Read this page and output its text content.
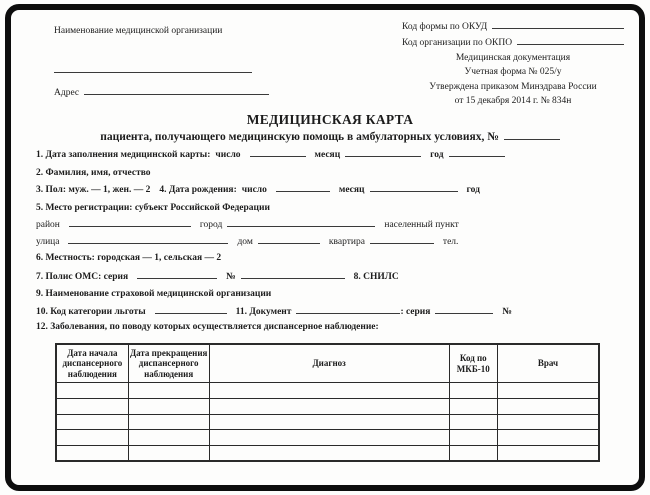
Наименование медицинской организации
Адрес
Код формы по ОКУД
Код организации по ОКПО
Медицинская документация
Учетная форма № 025/у
Утверждена приказом Минздрава России
от 15 декабря 2014 г. № 834н
МЕДИЦИНСКАЯ КАРТА
пациента, получающего медицинскую помощь в амбулаторных условиях, №
1. Дата заполнения медицинской карты: число	месяц	год
2. Фамилия, имя, отчество
3. Пол: муж. — 1, жен. — 2 4. Дата рождения: число	месяц	год
5. Место регистрации: субъект Российской Федерации
район	город	населенный пункт
улица	дом	квартира	тел.
6. Местность: городская — 1, сельская — 2
7. Полис ОМС: серия	№	8. СНИЛС
9. Наименование страховой медицинской организации
10. Код категории льготы	11. Документ	: серия	№
12. Заболевания, по поводу которых осуществляется диспансерное наблюдение:
Дата начала диспансерного наблюдения	Дата прекращения диспансерного наблюдения	Диагноз	Код по МКБ-10	Врач
